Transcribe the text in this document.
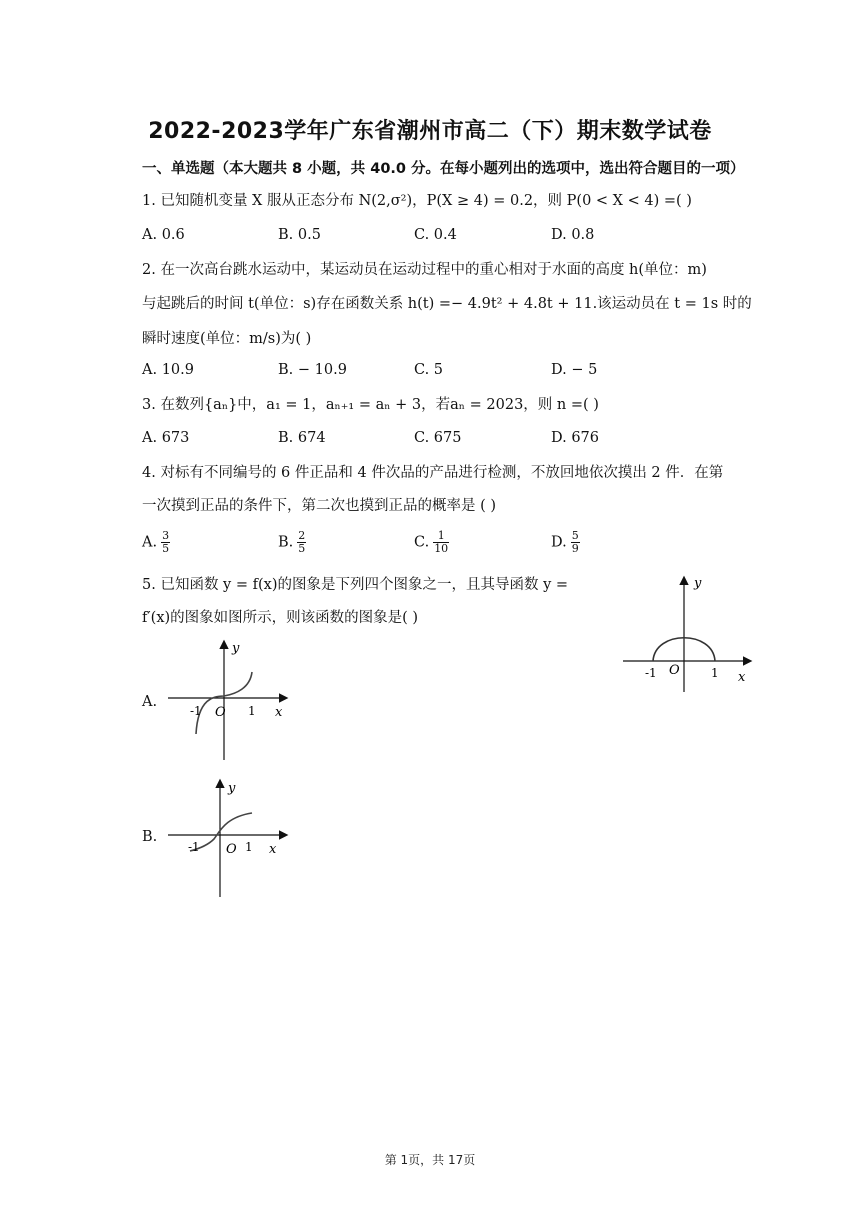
2022-2023学年广东省潮州市高二（下）期末数学试卷
一、单选题（本大题共 8 小题，共 40.0 分。在每小题列出的选项中，选出符合题目的一项）
1. 已知随机变量 X 服从正态分布 N(2,σ²)，P(X ≥ 4) = 0.2，则 P(0 < X < 4) =( )
A. 0.6	B. 0.5	C. 0.4	D. 0.8
2. 在一次高台跳水运动中，某运动员在运动过程中的重心相对于水面的高度 h(单位：m)
与起跳后的时间 t(单位：s)存在函数关系 h(t) =− 4.9t² + 4.8t + 11.该运动员在 t = 1s 时的
瞬时速度(单位：m/s)为( )
A. 10.9	B. − 10.9	C. 5	D. − 5
3. 在数列{aₙ}中，a₁ = 1，aₙ₊₁ = aₙ + 3，若aₙ = 2023，则 n =( )
A. 673	B. 674	C. 675	D. 676
4. 对标有不同编号的 6 件正品和 4 件次品的产品进行检测，不放回地依次摸出 2 件．在第
一次摸到正品的条件下，第二次也摸到正品的概率是 ( )
A. $\frac{3}{5}$	B. $\frac{2}{5}$	C. $\frac{1}{10}$	D. $\frac{5}{9}$
5. 已知函数 y = f(x)的图象是下列四个图象之一，且其导函数 y =
f′(x)的图象如图所示，则该函数的图象是( )
y
x
O
-1	1
A.
y
x
O
-1	1
B.
y
x
O
-1	1
第 1页，共 17页
